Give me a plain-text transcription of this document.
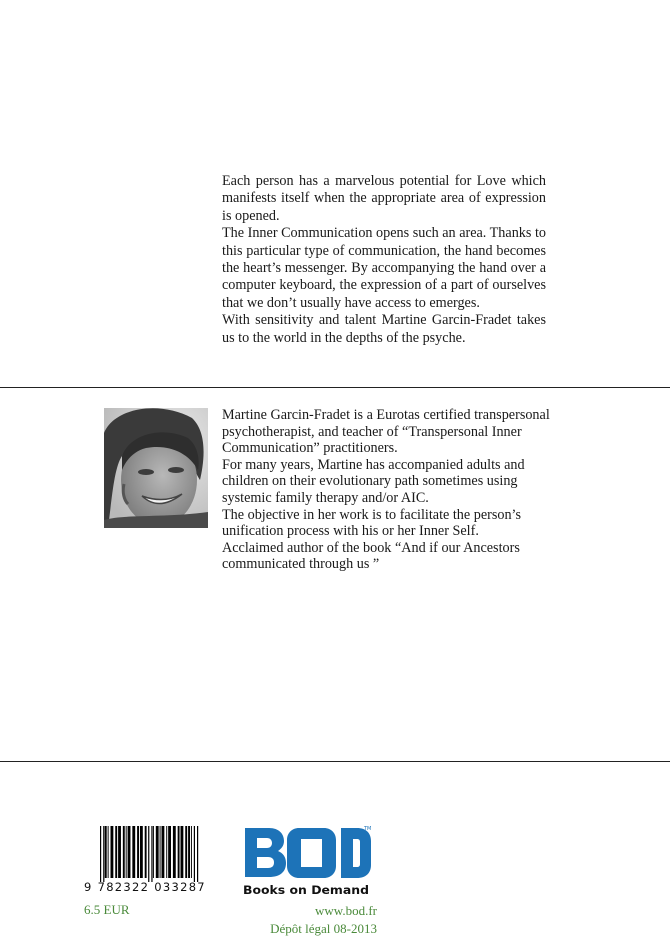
Each person has a marvelous potential for Love which manifests itself when the appropriate area of expression is opened.

The Inner Communication opens such an area. Thanks to this particular type of communication, the hand becomes the heart’s messenger. By accompanying the hand over a computer keyboard, the expression of a part of ourselves that we don’t usually have access to emerges.

With sensitivity and talent Martine Garcin-Fradet takes us to the world in the depths of the psyche.

Martine Garcin-Fradet is a Eurotas certified transpersonal psychotherapist, and teacher of “Transpersonal Inner Communication” practitioners.

For many years, Martine has accompanied adults and children on their evolutionary path sometimes using systemic family therapy and/or AIC.

The objective in her work is to facilitate the person’s unification process with his or her Inner Self.

Acclaimed author of the book “And if our Ancestors communicated through us ”

9 782322 033287
6.5 EUR
TM
Books on Demand
www.bod.fr
Dépôt légal 08-2013
